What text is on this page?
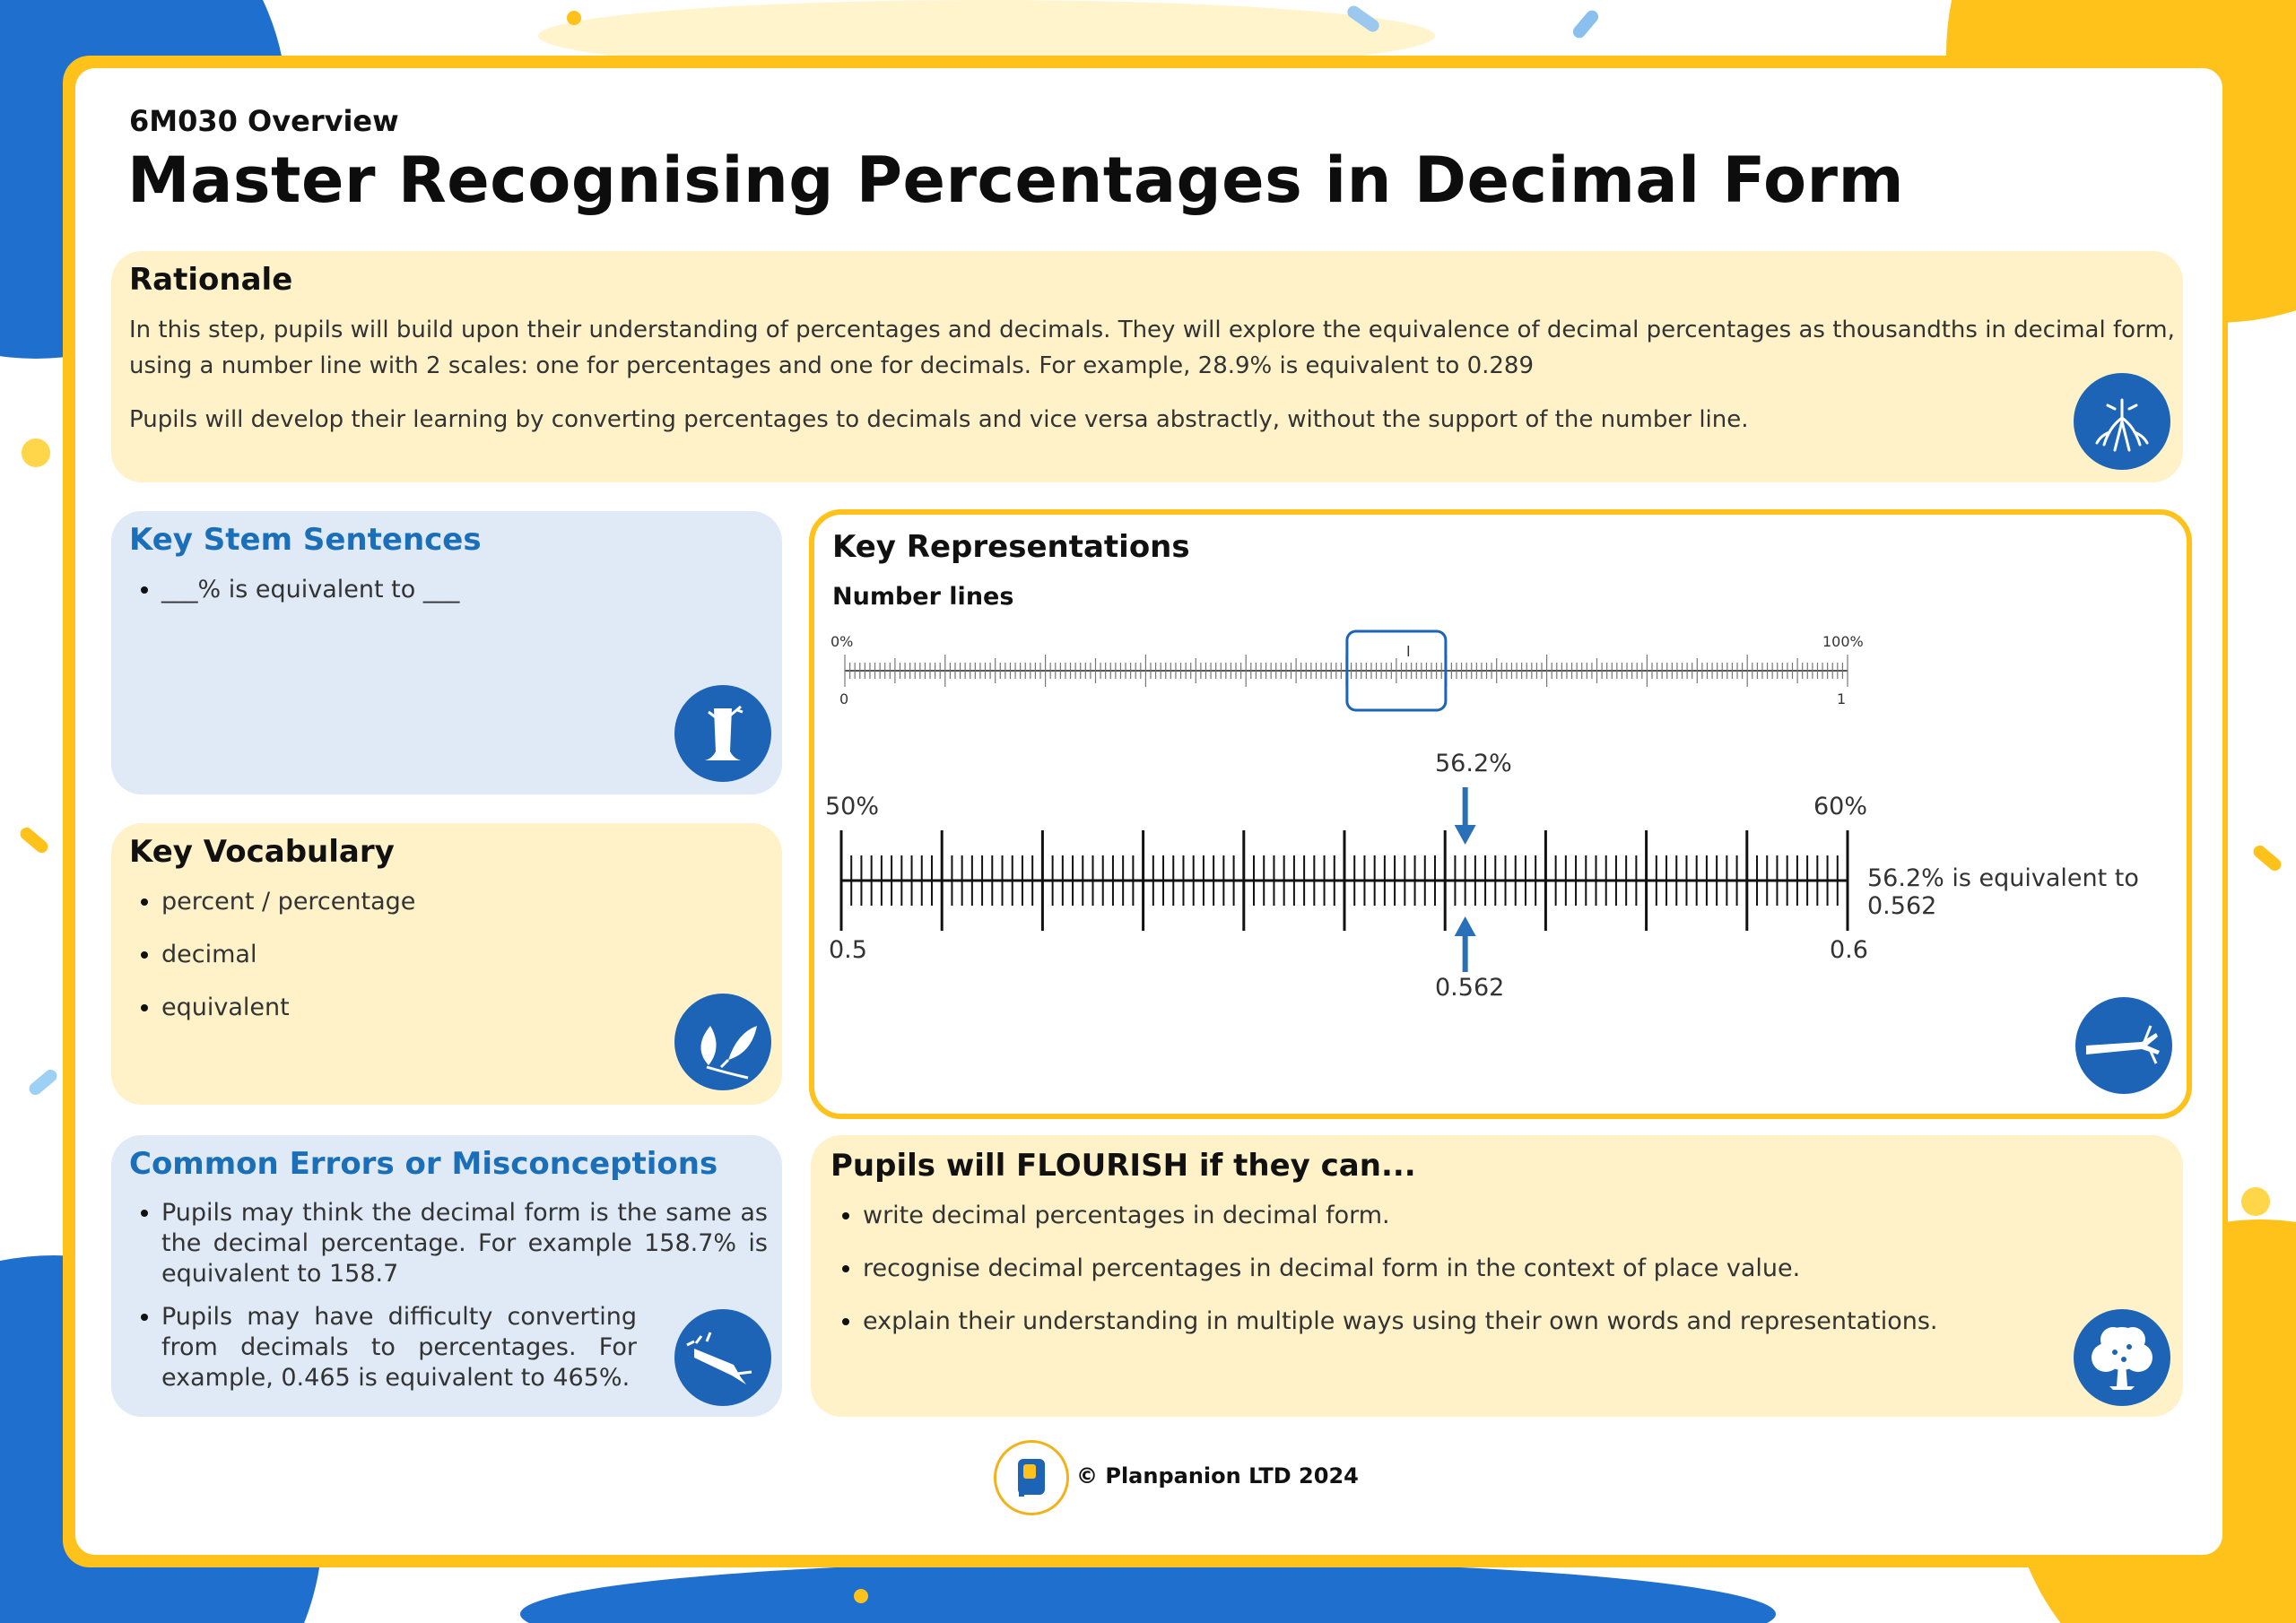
6M030 Overview
Master Recognising Percentages in Decimal Form
Rationale

In this step, pupils will build upon their understanding of percentages and decimals. They will explore the equivalence of decimal percentages as thousandths in decimal form, using a number line with 2 scales: one for percentages and one for decimals. For example, 28.9% is equivalent to 0.289

Pupils will develop their learning by converting percentages to decimals and vice versa abstractly, without the support of the number line.

Key Stem Sentences
• ___% is equivalent to ___
Key Vocabulary
• percent / percentage
• decimal
• equivalent
Common Errors or Misconceptions
• Pupils may think the decimal form is the same as the decimal percentage. For example 158.7% is equivalent to 158.7
• Pupils may have difficulty converting from decimals to percentages. For example, 0.465 is equivalent to 465%.
Key Representations
Number lines
0%	100%
0	1
50%	60%
0.5	0.6
56.2%
0.562
56.2% is equivalent to 0.562
Pupils will FLOURISH if they can...
• write decimal percentages in decimal form.
• recognise decimal percentages in decimal form in the context of place value.
• explain their understanding in multiple ways using their own words and representations.
© Planpanion LTD 2024
